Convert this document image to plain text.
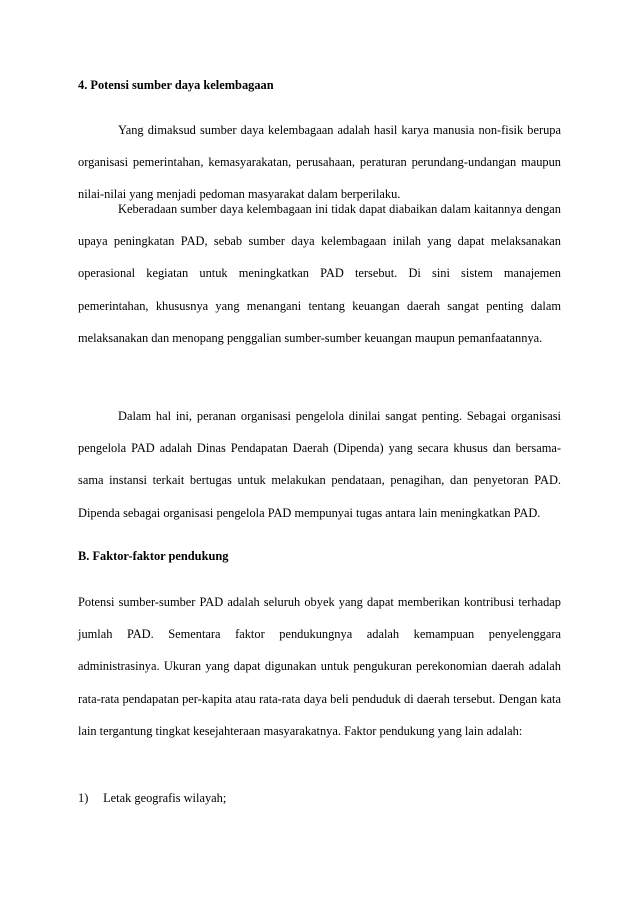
4. Potensi sumber daya kelembagaan

Yang dimaksud sumber daya kelembagaan adalah hasil karya manusia non-fisik berupa organisasi pemerintahan, kemasyarakatan, perusahaan, peraturan perundang-undangan maupun nilai-nilai yang menjadi pedoman masyarakat dalam berperilaku.

Keberadaan sumber daya kelembagaan ini tidak dapat diabaikan dalam kaitannya dengan upaya peningkatan PAD, sebab sumber daya kelembagaan inilah yang dapat melaksanakan operasional kegiatan untuk meningkatkan PAD tersebut. Di sini sistem manajemen pemerintahan, khususnya yang menangani tentang keuangan daerah sangat penting dalam melaksanakan dan menopang penggalian sumber-sumber keuangan maupun pemanfaatannya.

Dalam hal ini, peranan organisasi pengelola dinilai sangat penting. Sebagai organisasi pengelola PAD adalah Dinas Pendapatan Daerah (Dipenda) yang secara khusus dan bersama-sama instansi terkait bertugas untuk melakukan pendataan, penagihan, dan penyetoran PAD. Dipenda sebagai organisasi pengelola PAD mempunyai tugas antara lain meningkatkan PAD.

B. Faktor-faktor pendukung

Potensi sumber-sumber PAD adalah seluruh obyek yang dapat memberikan kontribusi terhadap jumlah PAD. Sementara faktor pendukungnya adalah kemampuan penyelenggara administrasinya. Ukuran yang dapat digunakan untuk pengukuran perekonomian daerah adalah rata-rata pendapatan per-kapita atau rata-rata daya beli penduduk di daerah tersebut. Dengan kata lain tergantung tingkat kesejahteraan masyarakatnya. Faktor pendukung yang lain adalah:

1) Letak geografis wilayah;
